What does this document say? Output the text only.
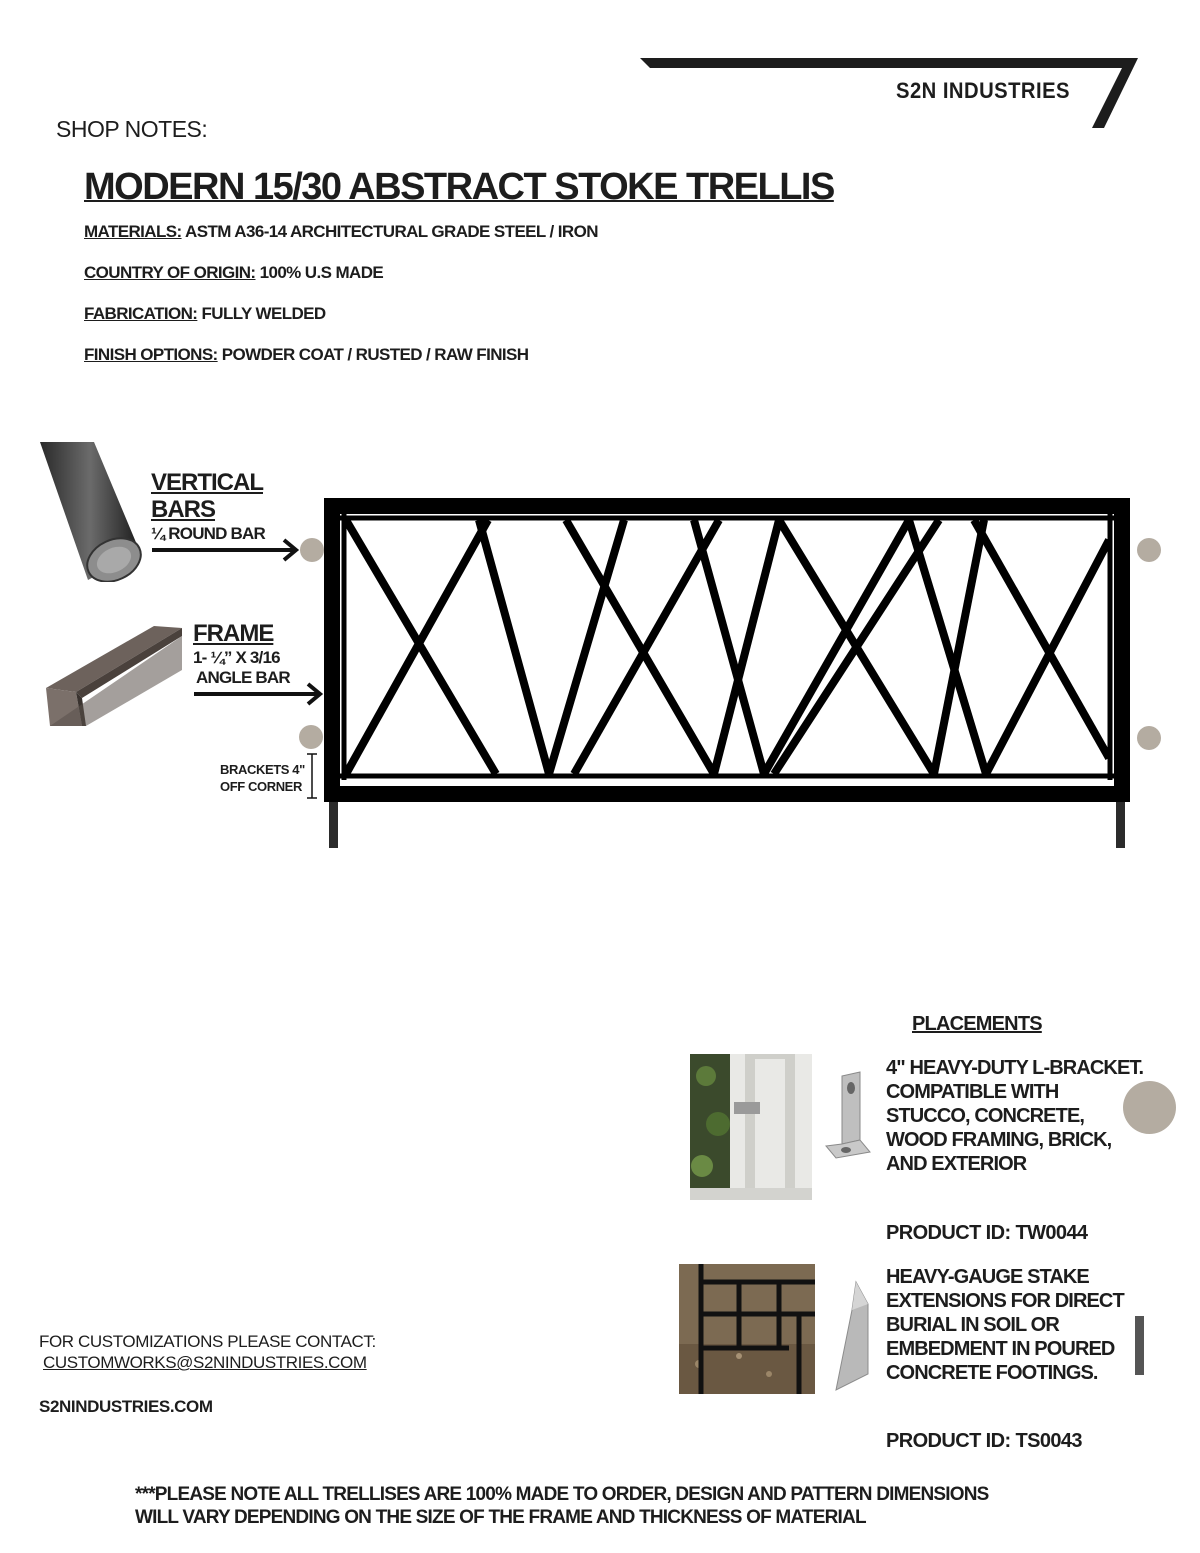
S2N INDUSTRIES
SHOP NOTES:
MODERN 15/30 ABSTRACT STOKE TRELLIS
MATERIALS: ASTM A36-14 ARCHITECTURAL GRADE STEEL / IRON
COUNTRY OF ORIGIN: 100% U.S MADE
FABRICATION: FULLY WELDED
FINISH OPTIONS: POWDER COAT / RUSTED / RAW FINISH
VERTICAL
BARS
¼ ROUND BAR
FRAME
1- ¼” X 3/16
ANGLE BAR
BRACKETS 4"
OFF CORNER
PLACEMENTS
4" HEAVY-DUTY L-BRACKET. COMPATIBLE WITH STUCCO, CONCRETE, WOOD FRAMING, BRICK, AND EXTERIOR
PRODUCT ID: TW0044
HEAVY-GAUGE STAKE EXTENSIONS FOR DIRECT BURIAL IN SOIL OR EMBEDMENT IN POURED CONCRETE FOOTINGS.
PRODUCT ID: TS0043
FOR CUSTOMIZATIONS PLEASE CONTACT:
CUSTOMWORKS@S2NINDUSTRIES.COM
S2NINDUSTRIES.COM
***PLEASE NOTE ALL TRELLISES ARE 100% MADE TO ORDER, DESIGN AND PATTERN DIMENSIONS
WILL VARY DEPENDING ON THE SIZE OF THE FRAME AND THICKNESS OF MATERIAL
